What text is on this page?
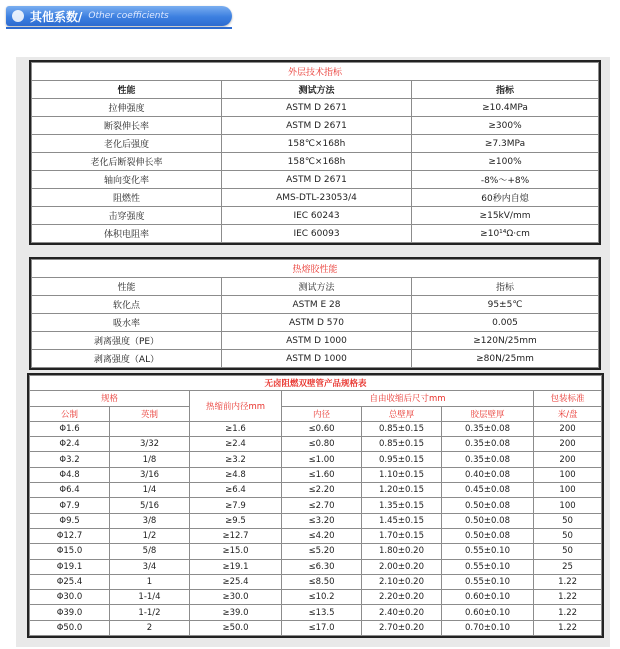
其他系数/ Other coefficients
外层技术指标		
性能	测试方法	指标
拉伸强度	ASTM D 2671	≥10.4MPa
断裂伸长率	ASTM D 2671	≥300%
老化后强度	158℃×168h	≥7.3MPa
老化后断裂伸长率	158℃×168h	≥100%
轴向变化率	ASTM D 2671	-8%～+8%
阻燃性	AMS-DTL-23053/4	60秒内自熄
击穿强度	IEC 60243	≥15kV/mm
体积电阻率	IEC 60093	≥10¹⁴Ω·cm
热熔胶性能		
性能	测试方法	指标
软化点	ASTM E 28	95±5℃
吸水率	ASTM D 570	0.005
剥离强度（PE）	ASTM D 1000	≥120N/25mm
剥离强度（AL）	ASTM D 1000	≥80N/25mm
无卤阻燃双壁管产品规格表						
规格		热缩前内径mm	自由收缩后尺寸mm			包装标准
公制	英制		内径	总壁厚	胶层壁厚	米/盘
Φ1.6		≥1.6	≤0.60	0.85±0.15	0.35±0.08	200
Φ2.4	3/32	≥2.4	≤0.80	0.85±0.15	0.35±0.08	200
Φ3.2	1/8	≥3.2	≤1.00	0.95±0.15	0.35±0.08	200
Φ4.8	3/16	≥4.8	≤1.60	1.10±0.15	0.40±0.08	100
Φ6.4	1/4	≥6.4	≤2.20	1.20±0.15	0.45±0.08	100
Φ7.9	5/16	≥7.9	≤2.70	1.35±0.15	0.50±0.08	100
Φ9.5	3/8	≥9.5	≤3.20	1.45±0.15	0.50±0.08	50
Φ12.7	1/2	≥12.7	≤4.20	1.70±0.15	0.50±0.08	50
Φ15.0	5/8	≥15.0	≤5.20	1.80±0.20	0.55±0.10	50
Φ19.1	3/4	≥19.1	≤6.30	2.00±0.20	0.55±0.10	25
Φ25.4	1	≥25.4	≤8.50	2.10±0.20	0.55±0.10	1.22
Φ30.0	1-1/4	≥30.0	≤10.2	2.20±0.20	0.60±0.10	1.22
Φ39.0	1-1/2	≥39.0	≤13.5	2.40±0.20	0.60±0.10	1.22
Φ50.0	2	≥50.0	≤17.0	2.70±0.20	0.70±0.10	1.22
